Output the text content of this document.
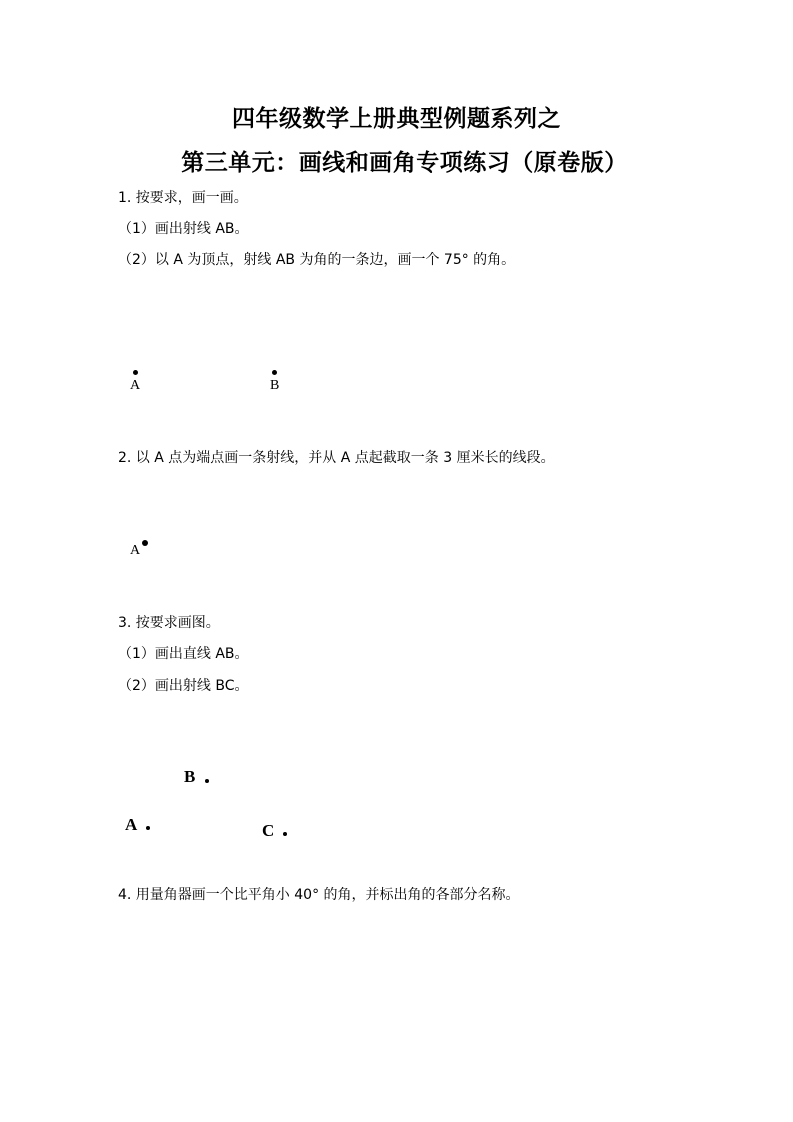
四年级数学上册典型例题系列之
第三单元：画线和画角专项练习（原卷版）
1. 按要求，画一画。
（1）画出射线 AB。
（2）以 A 为顶点，射线 AB 为角的一条边，画一个 75° 的角。
A	B
2. 以 A 点为端点画一条射线，并从 A 点起截取一条 3 厘米长的线段。
A
3. 按要求画图。
（1）画出直线 AB。
（2）画出射线 BC。
B
A	C
4. 用量角器画一个比平角小 40° 的角，并标出角的各部分名称。
